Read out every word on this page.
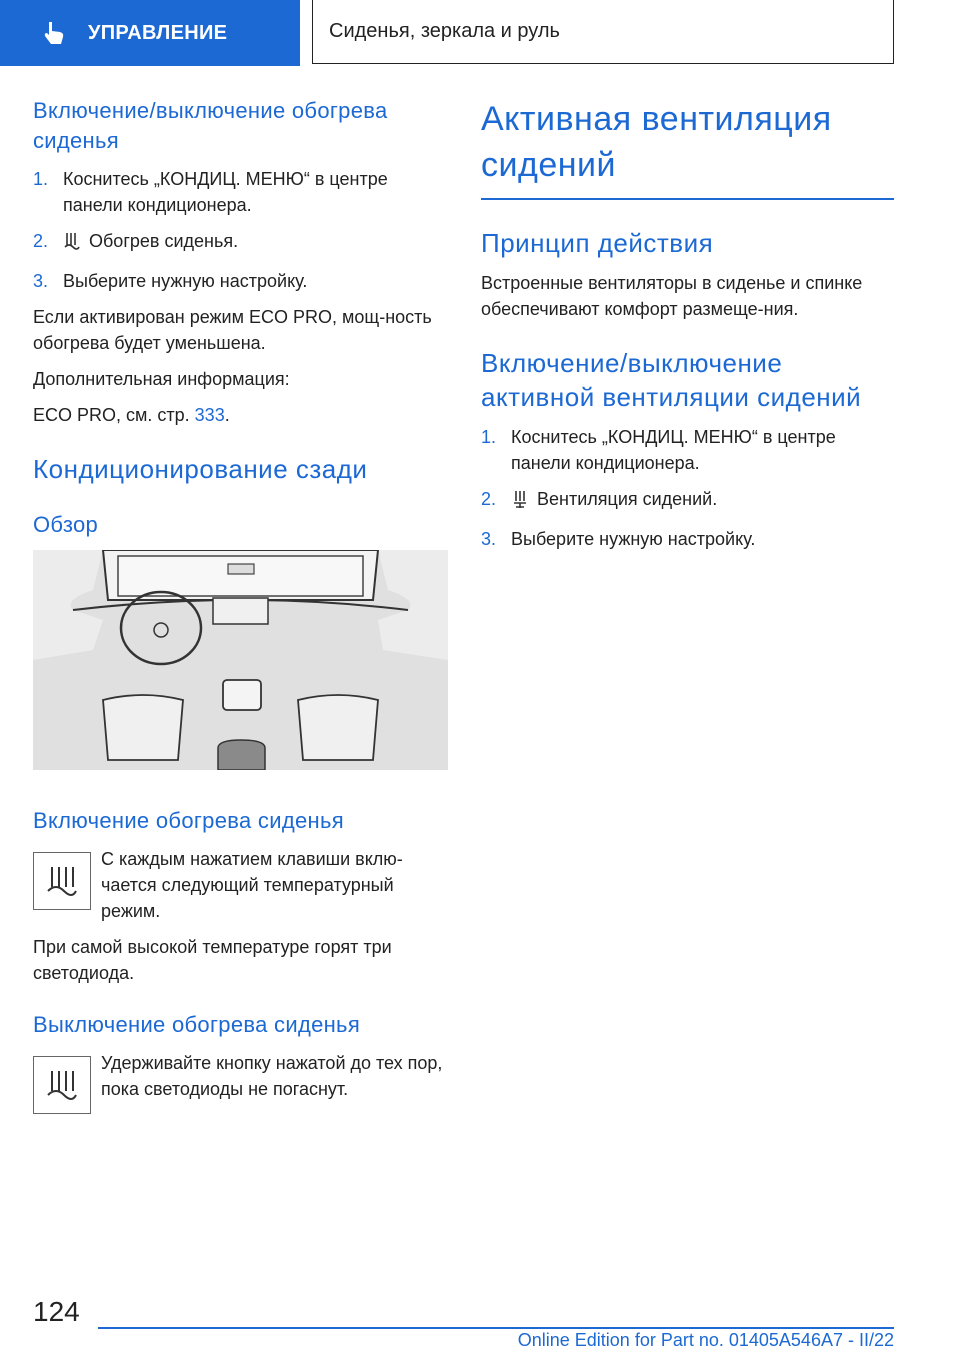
УПРАВЛЕНИЕ	Сиденья, зеркала и руль
Включение/выключение обогрева сиденья
1. Коснитесь „КОНДИЦ. МЕНЮ“ в центре панели кондиционера.
2.	Обогрев сиденья.
3. Выберите нужную настройку.

Если активирован режим ECO PRO, мощ‐ность обогрева будет уменьшена.

Дополнительная информация:

ECO PRO, см. стр. 333.

Кондиционирование сзади
Обзор
Включение обогрева сиденья

С каждым нажатием клавиши вклю‐чается следующий температурный режим.

При самой высокой температуре горят три светодиода.

Выключение обогрева сиденья

Удерживайте кнопку нажатой до тех пор, пока светодиоды не погаснут.

Активная вентиляция сидений
Принцип действия

Встроенные вентиляторы в сиденье и спинке обеспечивают комфорт размеще‐ния.

Включение/выключение активной вентиляции сидений
1. Коснитесь „КОНДИЦ. МЕНЮ“ в центре панели кондиционера.
2.	Вентиляция сидений.
3. Выберите нужную настройку.
124
Online Edition for Part no. 01405A546A7 - II/22
